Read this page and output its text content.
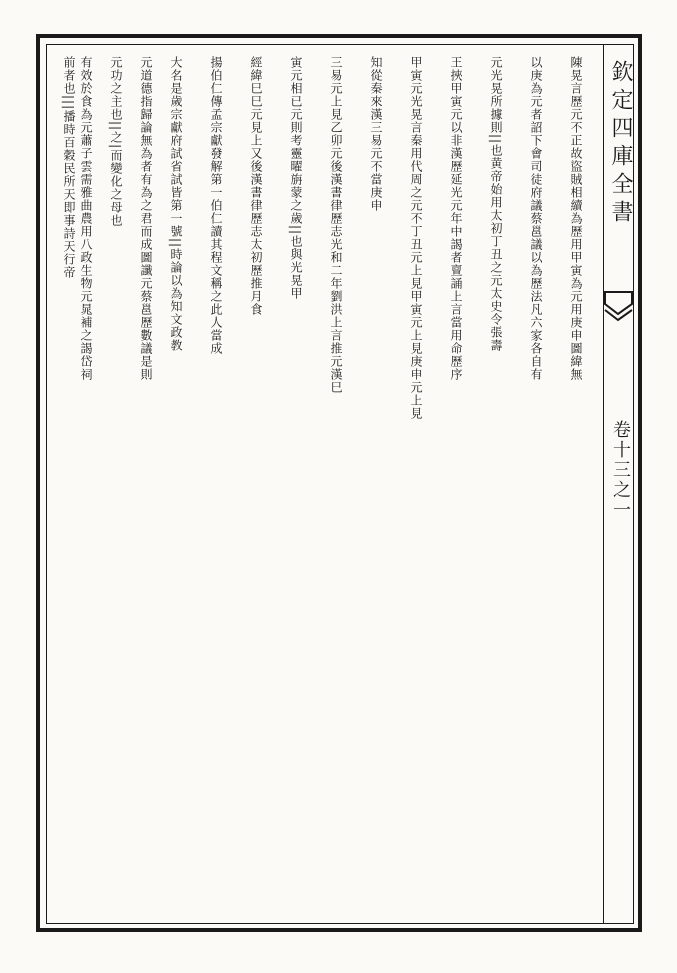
欽定四庫全書
卷十三之一
陳晃言歷元不正故盜賊相續為歷用甲寅為元用庚申圖緯無
以庚為元者詔下會司徒府議蔡邕議以為歷法凡六家各自有
元光晃所據則||也黄帝始用太初丁丑之元太史令張壽
王挾甲寅元以非漢歷延光元年中謁者亶誦上言當用命歷序
甲寅元光晃言秦用代周之元不丁丑元上見甲寅元上見庚申元上見
知從秦來漢三易元不當庚申
三易元上見乙卯元後漢書律歷志光和二年劉洪上言推元漢巳
寅元相已元則考靈曜旃蒙之歲||也與光晃甲
經緯巳巳元見上又後漢書律歷志太初歷推月食
揚伯仁傳孟宗獻發解第一伯仁讀其程文稱之此人當成
大名是歲宗獻府試省試皆第一號||時論以為知文政教
元道德指歸論無為者有為之君而成圖讖元蔡邕歷數議是則
元功之主也||之|而變化之母也
有效於食為元蕭子雲需雅曲農用八政生物元晁補之謁岱祠
前者也|||播時百穀民所天即事詩天行帝
